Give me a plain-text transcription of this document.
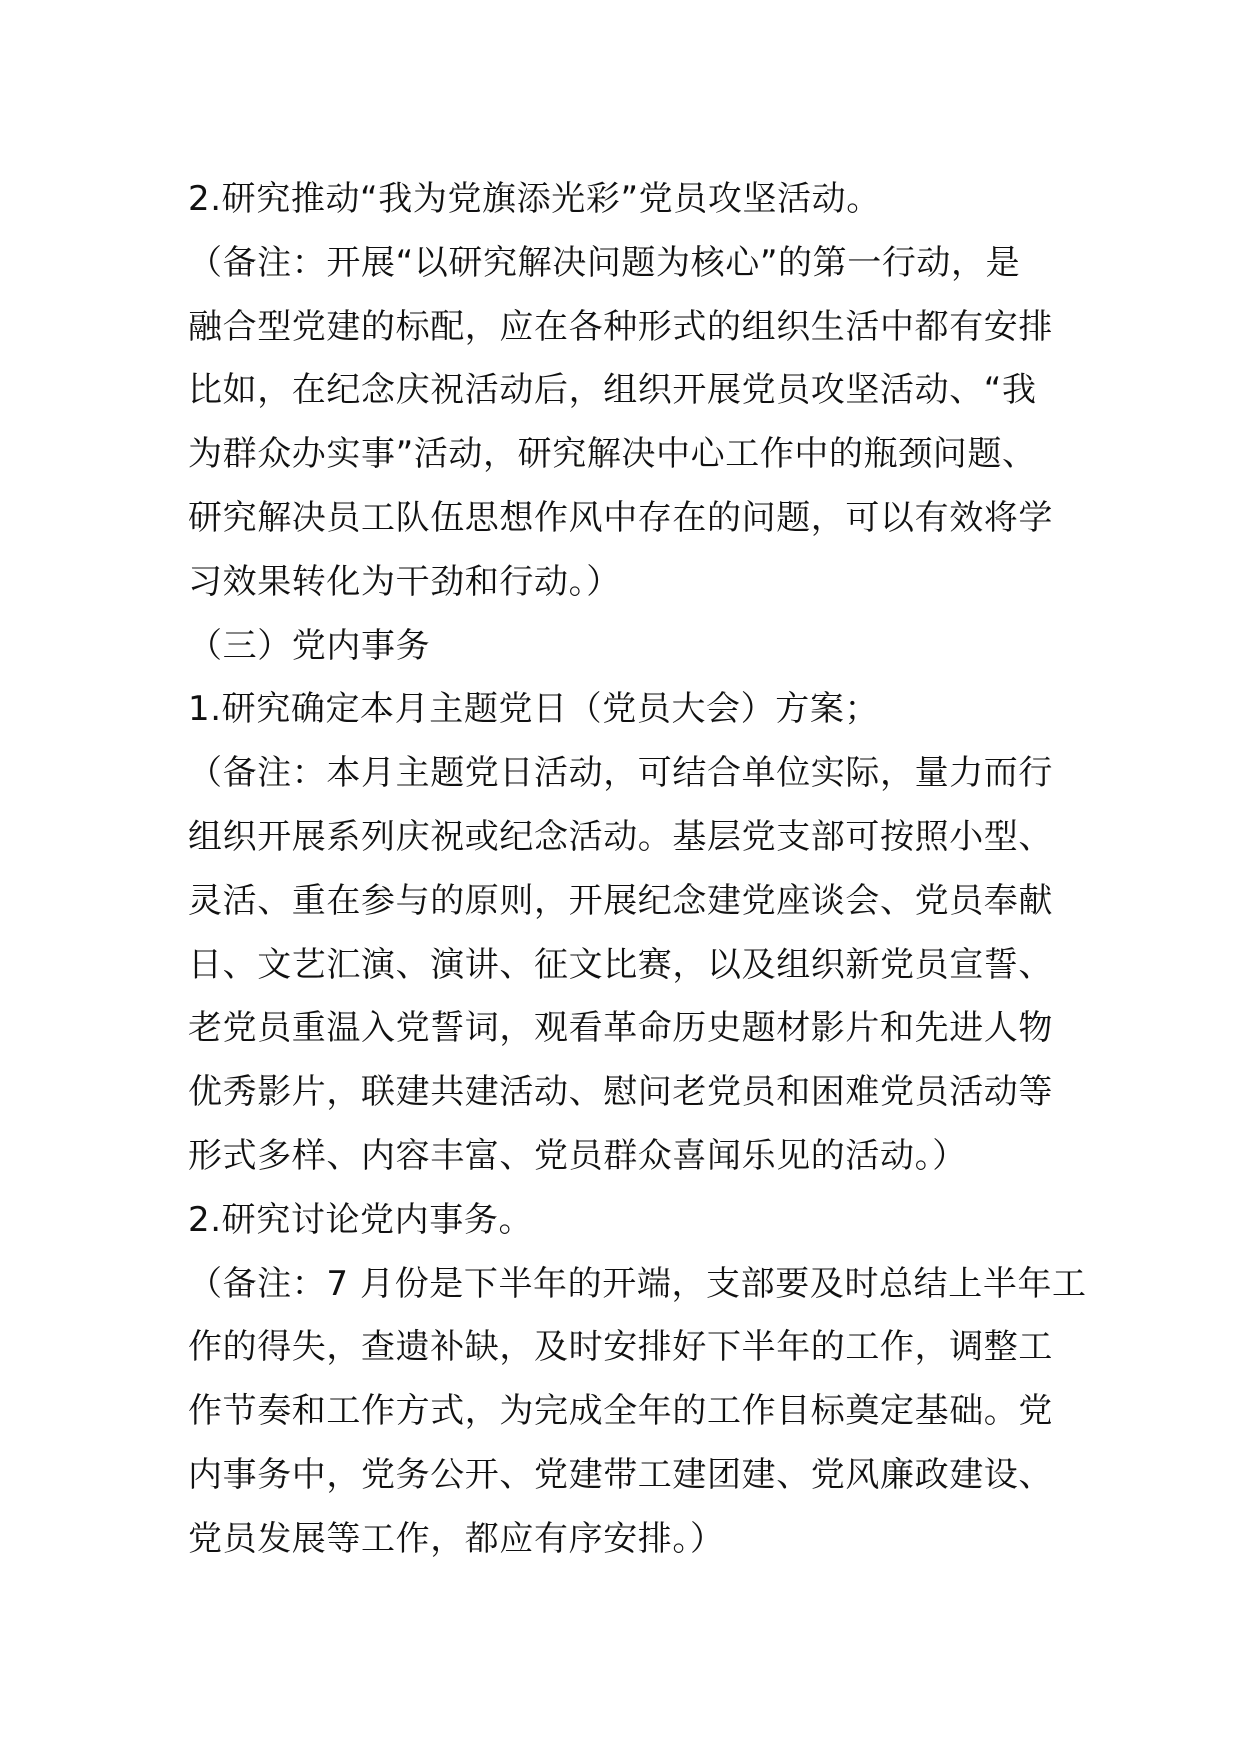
2.研究推动“我为党旗添光彩”党员攻坚活动。
（备注：开展“以研究解决问题为核心”的第一行动，是
融合型党建的标配，应在各种形式的组织生活中都有安排
比如，在纪念庆祝活动后，组织开展党员攻坚活动、“我
为群众办实事”活动，研究解决中心工作中的瓶颈问题、
研究解决员工队伍思想作风中存在的问题，可以有效将学
习效果转化为干劲和行动。）
（三）党内事务
1.研究确定本月主题党日（党员大会）方案；
（备注：本月主题党日活动，可结合单位实际，量力而行
组织开展系列庆祝或纪念活动。基层党支部可按照小型、
灵活、重在参与的原则，开展纪念建党座谈会、党员奉献
日、文艺汇演、演讲、征文比赛，以及组织新党员宣誓、
老党员重温入党誓词，观看革命历史题材影片和先进人物
优秀影片，联建共建活动、慰问老党员和困难党员活动等
形式多样、内容丰富、党员群众喜闻乐见的活动。）
2.研究讨论党内事务。
（备注：7 月份是下半年的开端，支部要及时总结上半年工
作的得失，查遗补缺，及时安排好下半年的工作，调整工
作节奏和工作方式，为完成全年的工作目标奠定基础。党
内事务中，党务公开、党建带工建团建、党风廉政建设、
党员发展等工作，都应有序安排。）
